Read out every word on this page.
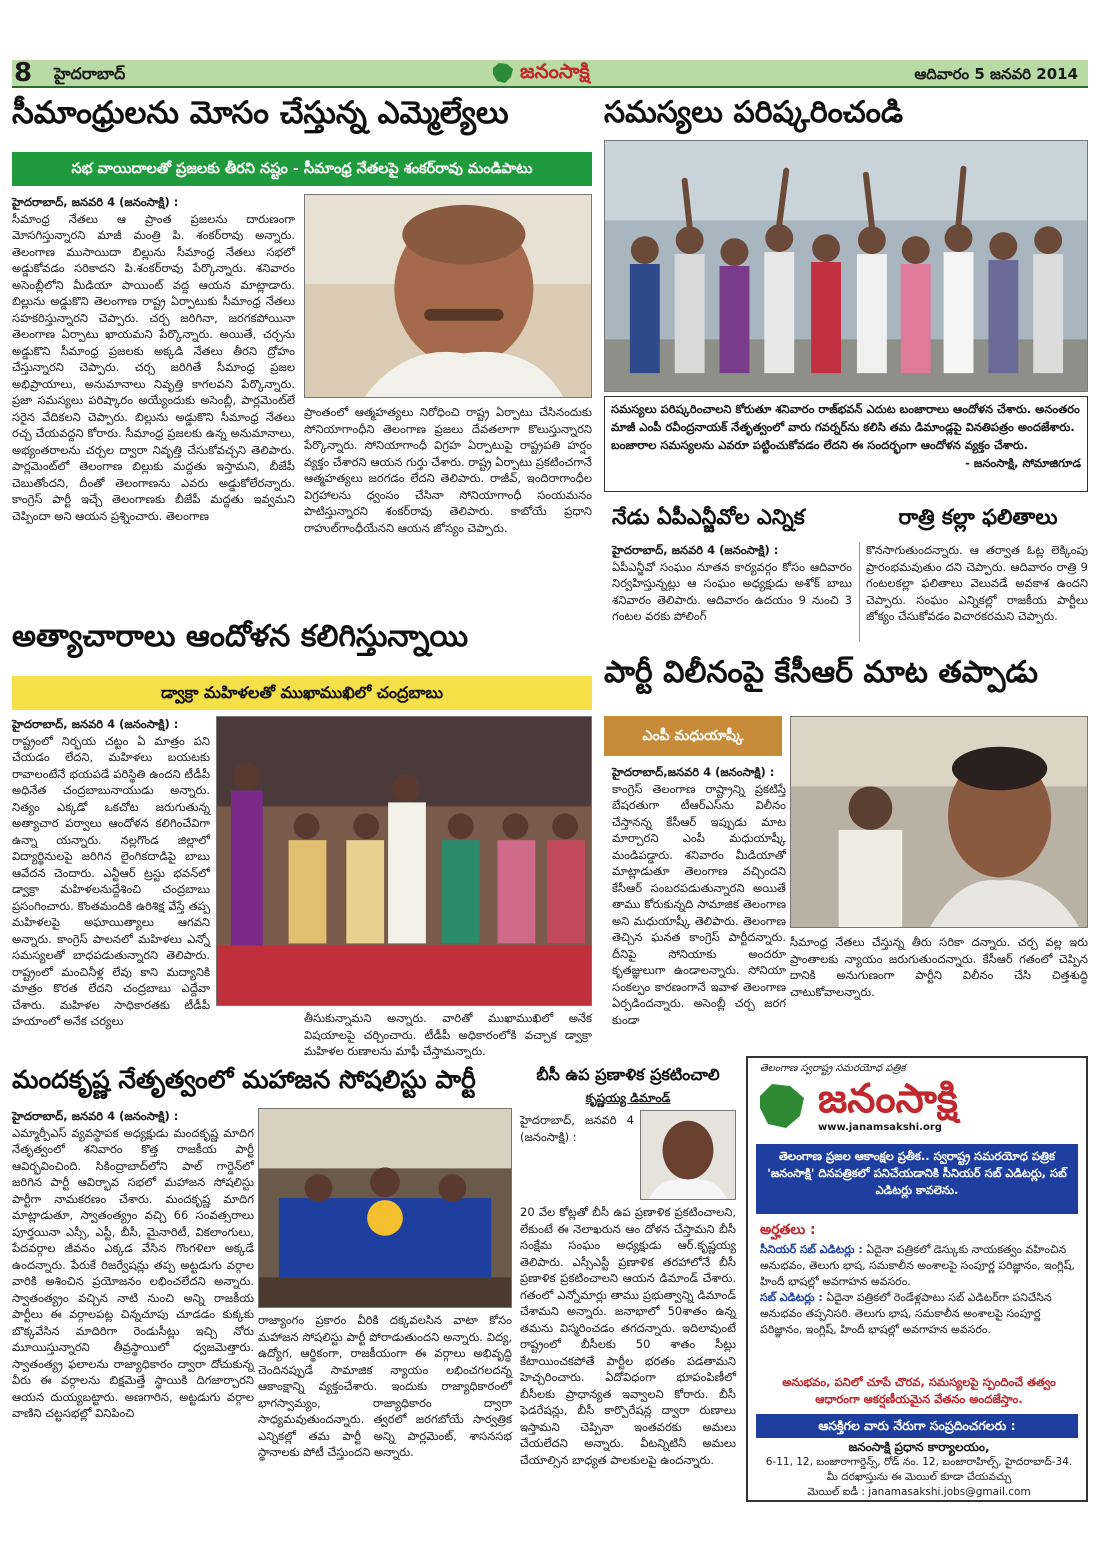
8 హైదరాబాద్	జనంసాక్షి	ఆదివారం 5 జనవరి 2014
సీమాంధ్రులను మోసం చేస్తున్న ఎమ్మెల్యేలు
సభ వాయిదాలతో ప్రజలకు తీరని నష్టం - సీమాంధ్ర నేతలపై శంకర్‌రావు మండిపాటు
హైదరాబాద్, జనవరి 4 (జనంసాక్షి) :
సీమాంధ్ర నేతలు ఆ ప్రాంత ప్రజలను దారుణంగా మోసగిస్తున్నారని మాజీ మంత్రి పి. శంకర్‌రావు అన్నారు. తెలంగాణ ముసాయిదా బిల్లును సీమాంధ్ర నేతలు సభలో అడ్డుకోవడం సరికాదని పి.శంకర్‌రావు పేర్కొన్నారు. శనివారం అసెంబ్లీలోని మీడియా పాయింట్ వద్ద ఆయన మాట్లాడారు. బిల్లును అడ్డుకొని తెలంగాణ రాష్ట్ర ఏర్పాటుకు సీమాంధ్ర నేతలు సహకరిస్తున్నారని చెప్పారు. చర్చ జరిగినా, జరగకపోయినా తెలంగాణ ఏర్పాటు ఖాయమని పేర్కొన్నారు. అయితే, చర్చను అడ్డుకొని సీమాంధ్ర ప్రజలకు అక్కడి నేతలు తీరని ద్రోహం చేస్తున్నారని చెప్పారు. చర్చ జరిగితే సీమాంధ్ర ప్రజల అభిప్రాయాలు, అనుమానాలు నివృత్తి కాగలవని పేర్కొన్నారు. ప్రజా సమస్యలు పరిష్కారం అయ్యేందుకు అసెంబ్లీ, పార్లమెంట్‌లే సరైన వేదికలని చెప్పారు. బిల్లును అడ్డుకొని సీమాంధ్ర నేతలు రచ్చ చేయవద్దని కోరారు. సీమాంధ్ర ప్రజలకు ఉన్న అనుమానాలు, అభ్యంతరాలను చర్చల ద్వారా నివృత్తి చేసుకోవచ్చని తెలిపారు. పార్లమెంట్‌లో తెలంగాణ బిల్లుకు మద్దతు ఇస్తామని, బీజేపీ చెబుతోందని, దీంతో తెలంగాణను ఎవరు అడ్డుకోలేరన్నారు. కాంగ్రెస్ పార్టీ ఇచ్చే తెలంగాణకు బీజేపీ మద్దతు ఇవ్వమని చెప్పిందా అని ఆయన ప్రశ్నించారు. తెలంగాణ
ప్రాంతంలో ఆత్మహత్యలు నిరోధించి రాష్ట్ర ఏర్పాటు చేసినందుకు సోనియాగాంధీని తెలంగాణ ప్రజలు దేవతలాగా కొలుస్తున్నారని పేర్కొన్నారు. సోనియాగాంధీ విగ్రహ ఏర్పాటుపై రాష్ట్రపతి హర్షం వ్యక్తం చేశారని ఆయన గుర్తు చేశారు. రాష్ట్ర ఏర్పాటు ప్రకటించగానే ఆత్మహత్యలు జరగడం లేదని తెలిపారు. రాజీవ్, ఇందిరాగాంధీల విగ్రహాలను ధ్వంసం చేసినా సోనియాగాంధీ సంయమనం పాటిస్తున్నారని శంకర్‌రావు తెలిపారు. కాబోయే ప్రధాని రాహుల్‌గాంధీయేనని ఆయన జోస్యం చెప్పారు.
సమస్యలు పరిష్కరించండి
సమస్యలు పరిష్కరించాలని కోరుతూ శనివారం రాజ్‌భవన్ ఎదుట బంజారాలు ఆందోళన చేశారు. అనంతరం మాజీ ఎంపీ రవీంద్రనాయక్ నేతృత్వంలో వారు గవర్నర్‌ను కలిసి తమ డిమాండ్లపై వినతిపత్రం అందజేశారు. బంజారాల సమస్యలను ఎవరూ పట్టించుకోవడం లేదని ఈ సందర్భంగా ఆందోళన వ్యక్తం చేశారు.
- జనంసాక్షి, సోమాజిగూడ
నేడు ఏపీఎన్జీవోల ఎన్నిక	రాత్రి కల్లా ఫలితాలు
హైదరాబాద్, జనవరి 4 (జనంసాక్షి) :
ఏపీఎన్జీవో సంఘం నూతన కార్యవర్గం కోసం ఆదివారం నిర్వహిస్తున్నట్లు ఆ సంఘం అధ్యక్షుడు అశోక్ బాబు శనివారం తెలిపారు. ఆదివారం ఉదయం 9 నుంచి 3 గంటల వరకు పోలింగ్
కొనసాగుతుందన్నారు. ఆ తర్వాత ఓట్ల లెక్కింపు ప్రారంభమవుతుం దని చెప్పారు. ఆదివారం రాత్రి 9 గంటలకల్లా ఫలితాలు వెలువడే అవకాశ ఉందని చెప్పారు. సంఘం ఎన్నికల్లో రాజకీయ పార్టీలు జోక్యం చేసుకోవడం విచారకరమని చెప్పారు.
అత్యాచారాలు ఆందోళన కలిగిస్తున్నాయి
డ్వాక్రా మహిళలతో ముఖాముఖిలో చంద్రబాబు
హైదరాబాద్, జనవరి 4 (జనంసాక్షి) :
రాష్ట్రంలో నిర్భయ చట్టం ఏ మాత్రం పని చేయడం లేదని, మహిళలు బయటకు రావాలంటేనే భయపడే పరిస్థితి ఉందని టీడీపీ అధినేత చంద్రబాబునాయుడు అన్నారు. నిత్యం ఎక్కడో ఒకచోట జరుగుతున్న అత్యాచార పర్వాలు ఆందోళన కలిగించేవిగా ఉన్నా యన్నారు. నల్లగొండ జిల్లాలో విద్యార్థినులపై జరిగిన లైంగికదాడిపై బాబు ఆవేదన చెందారు. ఎన్టీఆర్ ట్రస్టు భవన్‌లో డ్వాక్రా మహిళలనుద్దేశించి చంద్రబాబు ప్రసంగించారు. కొంతమందికి ఉరిశిక్ష వేస్తే తప్ప మహిళలపై అఘాయిత్యాలు ఆగవని అన్నారు. కాంగ్రెస్ పాలనలో మహిళలు ఎన్నో సమస్యలతో బాధపడుతున్నారని తెలిపారు. రాష్ట్రంలో మంచినీళ్ల లేవు కాని మద్యానికి మాత్రం కొరత లేదని చంద్రబాబు ఎద్దేవా చేశారు. మహిళల సాధికారతకు టీడీపీ హయాంలో అనేక చర్యలు	తీసుకున్నామని అన్నారు. వారితో ముఖాముఖిలో అనేక విషయాలపై చర్చించారు. టీడీపీ అధికారంలోకి వచ్చాక డ్వాక్రా మహిళల రుణాలను మాఫీ చేస్తామన్నారు.
పార్టీ విలీనంపై కేసీఆర్ మాట తప్పాడు
ఎంపీ మధుయాష్కీ
హైదరాబాద్,జనవరి 4 (జనంసాక్షి) :
కాంగ్రెస్ తెలంగాణ రాష్ట్రాన్ని ప్రకటిస్తే బేషరతుగా టీఆర్ఎస్‌ను విలీనం చేస్తానన్న కేసీఆర్ ఇప్పుడు మాట మార్చారని ఎంపీ మధుయాష్కీ మండిపడ్డారు. శనివారం మీడియాతో మాట్లాడుతూ తెలంగాణ వచ్చిందని కేసీఆర్ సంబరపడుతున్నారని అయితే తాము కోరుకున్నది సామాజిక తెలంగాణ అని మధుయాష్కీ తెలిపారు. తెలంగాణ తెచ్చిన ఘనత కాంగ్రెస్ పార్టీదన్నారు. దీనిపై సోనియాకు అందరూ కృతజ్ఞులుగా ఉండాలన్నారు. సోనియా సంకల్పం కారణంగానే ఇవాళ తెలంగాణ ఏర్పడిందన్నారు. అసెంబ్లీ చర్చ జరగ కుండా
సీమాంధ్ర నేతలు చేస్తున్న తీరు సరికా దన్నారు. చర్చ వల్ల ఇరు ప్రాంతాలకు న్యాయం జరుగుతుందన్నారు. కేసీఆర్ గతంలో చెప్పిన దానికి అనుగుణంగా పార్టీని విలీనం చేసి చిత్తశుద్ధి చాటుకోవాలన్నారు.
మందకృష్ణ నేతృత్వంలో మహాజన సోషలిస్టు పార్టీ
హైదరాబాద్, జనవరి 4 (జనంసాక్షి) :
ఎమ్మార్పీఎస్ వ్యవస్థాపక అధ్యక్షుడు మందకృష్ణ మాదిగ నేతృత్వంలో శనివారం కొత్త రాజకీయ పార్టీ ఆవిర్భవించింది. సికింద్రాబాద్‌లోని పాల్ గార్డెన్‌లో జరిగిన పార్టీ ఆవిర్భావ సభలో మహాజన సోషలిస్టు పార్టీగా నామకరణం చేశారు. మందకృష్ణ మాదిగ మాట్లాడుతూ, స్వాతంత్య్రం వచ్చి 66 సంవత్సరాలు పూర్తయినా ఎస్సీ, ఎస్టీ, బీసీ, మైనారిటీ, వికలాంగులు, పేదవర్గాల జీవనం ఎక్కడ వేసిన గొంగళిలా అక్కడే ఉందన్నారు. పేరుకే రిజర్వేషన్లు తప్ప అట్టడుగు వర్గాల వారికి అశించిన ప్రయోజనం లభించలేదని అన్నారు. స్వాతంత్య్రం వచ్చిన నాటి నుంచి అన్ని రాజకీయ పార్టీలు ఈ వర్గాలపట్ల చిన్నచూపు చూడడం కుక్కకు బొక్కవేసిన మాదిరిగా రెండుసీట్లు ఇచ్చి నోరు మూయిస్తున్నారని తీవ్రస్థాయిలో ధ్వజమెత్తారు. స్వాతంత్య్ర ఫలాలను రాజ్యాధికారం ద్వారా దోచుకున్న వీరు ఈ వర్గాలను బిక్షమెత్తే స్థాయికి దిగజార్చారని ఆయన దుయ్యబట్టారు. అణగారిన, అట్టడుగు వర్గాల వాణిని చట్టసభల్లో వినిపించి
రాజ్యాంగం ప్రకారం వీరికి దక్కవలసిన వాటా కోసం మహాజన సోషలిస్టు పార్టీ పోరాడుతుందని అన్నారు. విద్య, ఉద్యోగ, ఆర్థికంగా, రాజకీయంగా ఈ వర్గాలు అభివృద్ధి చెందినప్పుడే సామాజిక న్యాయం లభించగలదన్న ఆకాంక్షాన్ని వ్యక్తంచేశారు. ఇందుకు రాజ్యాధికారంలో భాగస్వామ్యం, రాజ్యాధికారం ద్వారా సాధ్యమవుతుందన్నారు. త్వరలో జరగబోయే సార్వత్రిక ఎన్నికల్లో తమ పార్టీ అన్ని పార్లమెంట్, శాసనసభ స్థానాలకు పోటీ చేస్తుందని అన్నారు.
బీసీ ఉప ప్రణాళిక ప్రకటించాలి
కృష్ణయ్య డిమాండ్
హైదరాబాద్, జనవరి 4 (జనంసాక్షి) :
20 వేల కోట్లతో బీసీ ఉప ప్రణాళిక ప్రకటించాలని, లేకుంటే ఈ నెలాఖరున ఆం దోళన చేస్తామని బీసీ సంక్షేమ సంఘం అధ్యక్షుడు ఆర్.కృష్ణయ్య తెలిపారు. ఎస్సీఎస్టీ ప్రణాళిక తరహాలోనే బీసీ ప్రణాళిక ప్రకటించాలని ఆయన డిమాండ్ చేశారు. గతంలో ఎన్నోమార్లు తాము ప్రభుత్వాన్ని డిమాండ్ చేశామని అన్నారు. జనాభాలో 50శాతం ఉన్న తమను విస్మరించడం తగదన్నారు. ఇదిలావుంటే రాష్ట్రంలో బీసీలకు 50 శాతం సీట్లు కేటాయించకపోతే పార్టీల భరతం పడతామని హెచ్చరించారు. ఏదోవిధంగా భూపంపిణీలో బీసీలకు ప్రాధాన్యత ఇవ్వాలని కోరారు. బీసీ ఫెడరేషన్లు, బీసీ కార్పొరేషన్ల ద్వారా రుణాలు ఇస్తామని చెప్పినా ఇంతవరకు అమలు చేయలేదని అన్నారు. వీటన్నిటినీ అమలు చేయాల్సిన బాధ్యత పాలకులపై ఉందన్నారు.
తెలంగాణ స్వరాష్ట్ర సమరయోధ పత్రిక
జనంసాక్షి
www.janamsakshi.org
తెలంగాణ ప్రజల ఆకాంక్షల ప్రతీక.. స్వరాష్ట్ర సమరయోధ పత్రిక 'జనంసాక్షి' దినపత్రికలో పనిచేయడానికి సీనియర్ సబ్ ఎడిటర్లు, సబ్ ఎడిటర్లు కావలెను.
అర్హతలు :
సీనియర్ సబ్ ఎడిటర్లు : ఏదైనా పత్రికలో డెస్కుకు నాయకత్వం వహించిన అనుభవం, తెలుగు భాష, సమకాలీన అంశాలపై సంపూర్ణ పరిజ్ఞానం, ఇంగ్లిష్, హిందీ భాషల్లో అవగాహన అవసరం.
సబ్ ఎడిటర్లు : ఏదైనా పత్రికలో రెండేళ్లపాటు సబ్ ఎడిటర్‌గా పనిచేసిన అనుభవం తప్పనిసరి. తెలుగు భాష, సమకాలీన అంశాలపై సంపూర్ణ పరిజ్ఞానం, ఇంగ్లిష్, హిందీ భాషల్లో అవగాహన అవసరం.
అనుభవం, పనిలో చూపే చొరవ, సమస్యలపై స్పందించే తత్వం ఆధారంగా ఆకర్షణీయమైన వేతనం అందజేస్తాం.
ఆసక్తిగల వారు నేరుగా సంప్రదించగలరు :
జనంసాక్షి ప్రధాన కార్యాలయం,
6-11, 12, బంజారాగార్డెన్స్, రోడ్ నం. 12, బంజారాహిల్స్, హైదరాబాద్-34.
మీ దరఖాస్తును ఈ మెయిల్ కూడా చేయవచ్చు
మెయిల్ ఐడీ : janamasakshi.jobs@gmail.com
